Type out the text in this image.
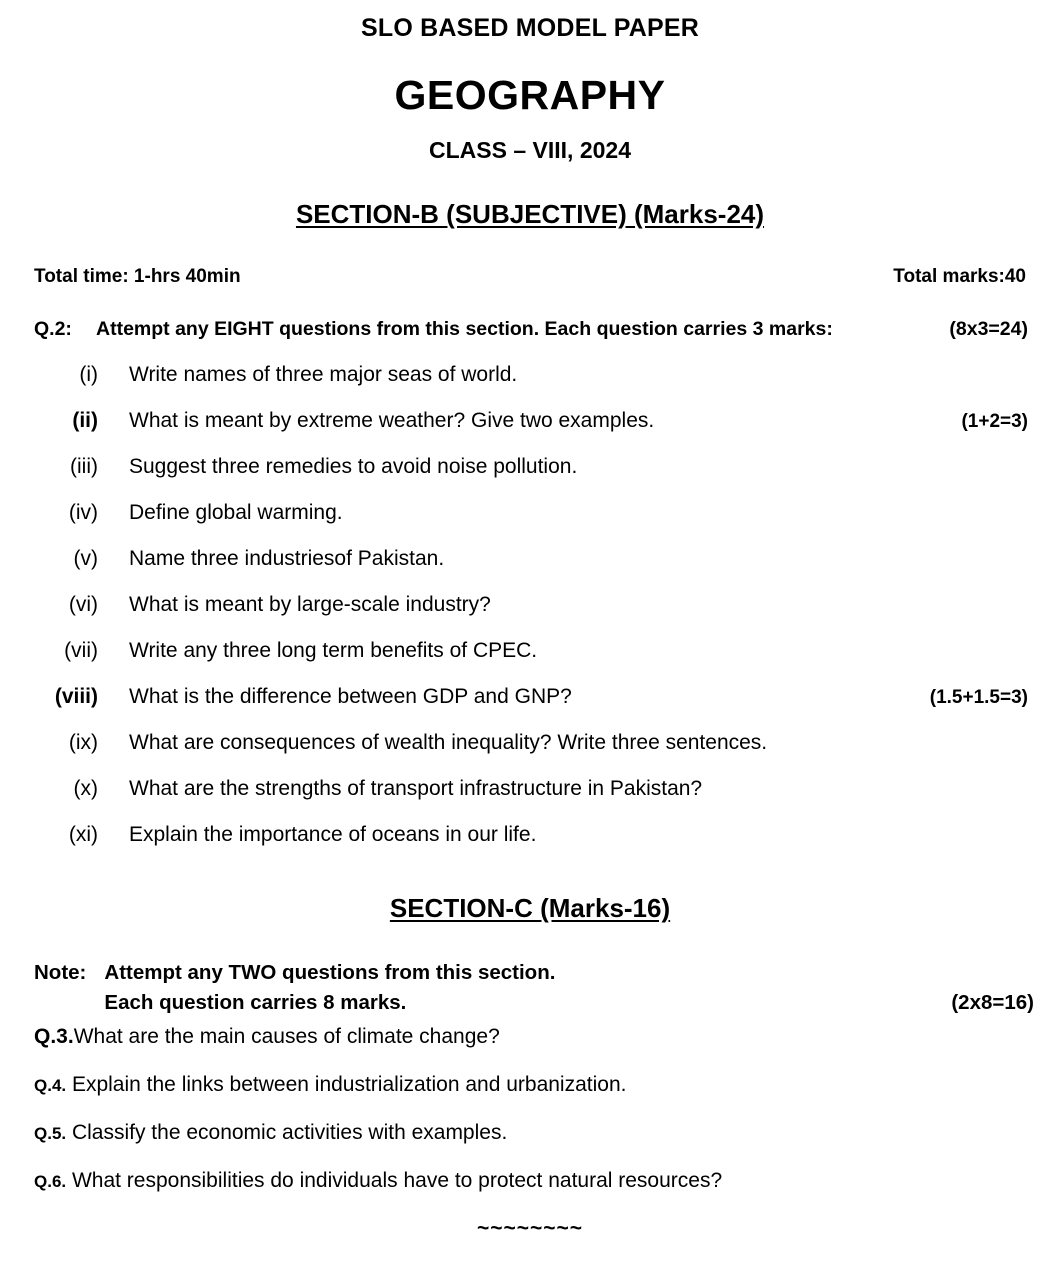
SLO BASED MODEL PAPER
GEOGRAPHY
CLASS – VIII, 2024
SECTION-B (SUBJECTIVE) (Marks-24)
Total time: 1-hrs 40min	Total marks:40
Q.2:	Attempt any EIGHT questions from this section. Each question carries 3 marks:	(8x3=24)
(i)	Write names of three major seas of world.
(ii)	What is meant by extreme weather? Give two examples.	(1+2=3)
(iii)	Suggest three remedies to avoid noise pollution.
(iv)	Define global warming.
(v)	Name three industriesof Pakistan.
(vi)	What is meant by large-scale industry?
(vii)	Write any three long term benefits of CPEC.
(viii)	What is the difference between GDP and GNP?	(1.5+1.5=3)
(ix)	What are consequences of wealth inequality? Write three sentences.
(x)	What are the strengths of transport infrastructure in Pakistan?
(xi)	Explain the importance of oceans in our life.
SECTION-C (Marks-16)
Note: Attempt any TWO questions from this section.
Each question carries 8 marks.	(2x8=16)
Q.3.What are the main causes of climate change?
Q.4. Explain the links between industrialization and urbanization.
Q.5. Classify the economic activities with examples.
Q.6. What responsibilities do individuals have to protect natural resources?
~~~~~~~~
